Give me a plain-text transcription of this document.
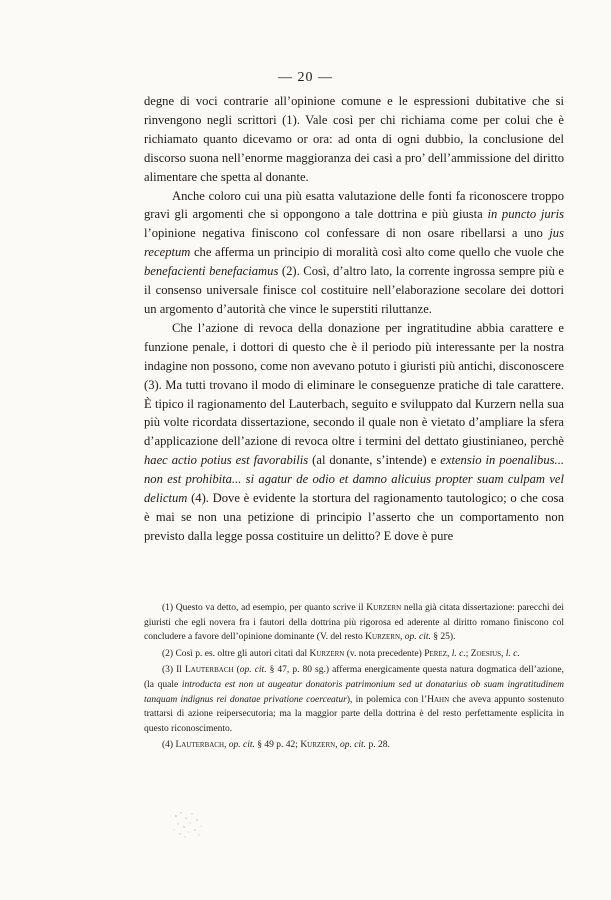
— 20 —

degne di voci contrarie all’opinione comune e le espressioni dubitative che si rinvengono negli scrittori (1). Vale così per chi richiama come per colui che è richiamato quanto dicevamo or ora: ad onta di ogni dubbio, la conclusione del discorso suona nell’enorme maggioranza dei casi a pro’ dell’ammissione del diritto alimentare che spetta al donante.

Anche coloro cui una più esatta valutazione delle fonti fa riconoscere troppo gravi gli argomenti che si oppongono a tale dottrina e più giusta in puncto juris l’opinione negativa finiscono col confessare di non osare ribellarsi a uno jus receptum che afferma un principio di moralità così alto come quello che vuole che benefacienti benefaciamus (2). Così, d’altro lato, la corrente ingrossa sempre più e il consenso universale finisce col costituire nell’elaborazione secolare dei dottori un argomento d’autorità che vince le superstiti riluttanze.

Che l’azione di revoca della donazione per ingratitudine abbia carattere e funzione penale, i dottori di questo che è il periodo più interessante per la nostra indagine non possono, come non avevano potuto i giuristi più antichi, disconoscere (3). Ma tutti trovano il modo di eliminare le conseguenze pratiche di tale carattere. È tipico il ragionamento del Lauterbach, seguito e sviluppato dal Kurzern nella sua più volte ricordata dissertazione, secondo il quale non è vietato d’ampliare la sfera d’applicazione dell’azione di revoca oltre i termini del dettato giustinianeo, perchè haec actio potius est favorabilis (al donante, s’intende) e extensio in poenalibus... non est prohibita... si agatur de odio et damno alicuius propter suam culpam vel delictum (4). Dove è evidente la stortura del ragionamento tautologico; o che cosa è mai se non una petizione di principio l’asserto che un comportamento non previsto dalla legge possa costituire un delitto? E dove è pure

(1) Questo va detto, ad esempio, per quanto scrive il Kurzern nella già citata dissertazione: parecchi dei giuristi che egli novera fra i fautori della dottrina più rigorosa ed aderente al diritto romano finiscono col concludere a favore dell’opinione dominante (V. del resto Kurzern, op. cit. § 25).

(2) Così p. es. oltre gli autori citati dal Kurzern (v. nota precedente) Perez, l. c.; Zoesius, l. c.

(3) Il Lauterbach (op. cit. § 47, p. 80 sg.) afferma energicamente questa natura dogmatica dell’azione, (la quale introducta est non ut augeatur donatoris patrimonium sed ut donatarius ob suam ingratitudinem tanquam indignus rei donatae privatione coerceatur), in polemica con l’Hahn che aveva appunto sostenuto trattarsi di azione reipersecutoria; ma la maggior parte della dottrina è del resto perfettamente esplicita in questo riconoscimento.

(4) Lauterbach, op. cit. § 49 p. 42; Kurzern, op. cit. p. 28.
